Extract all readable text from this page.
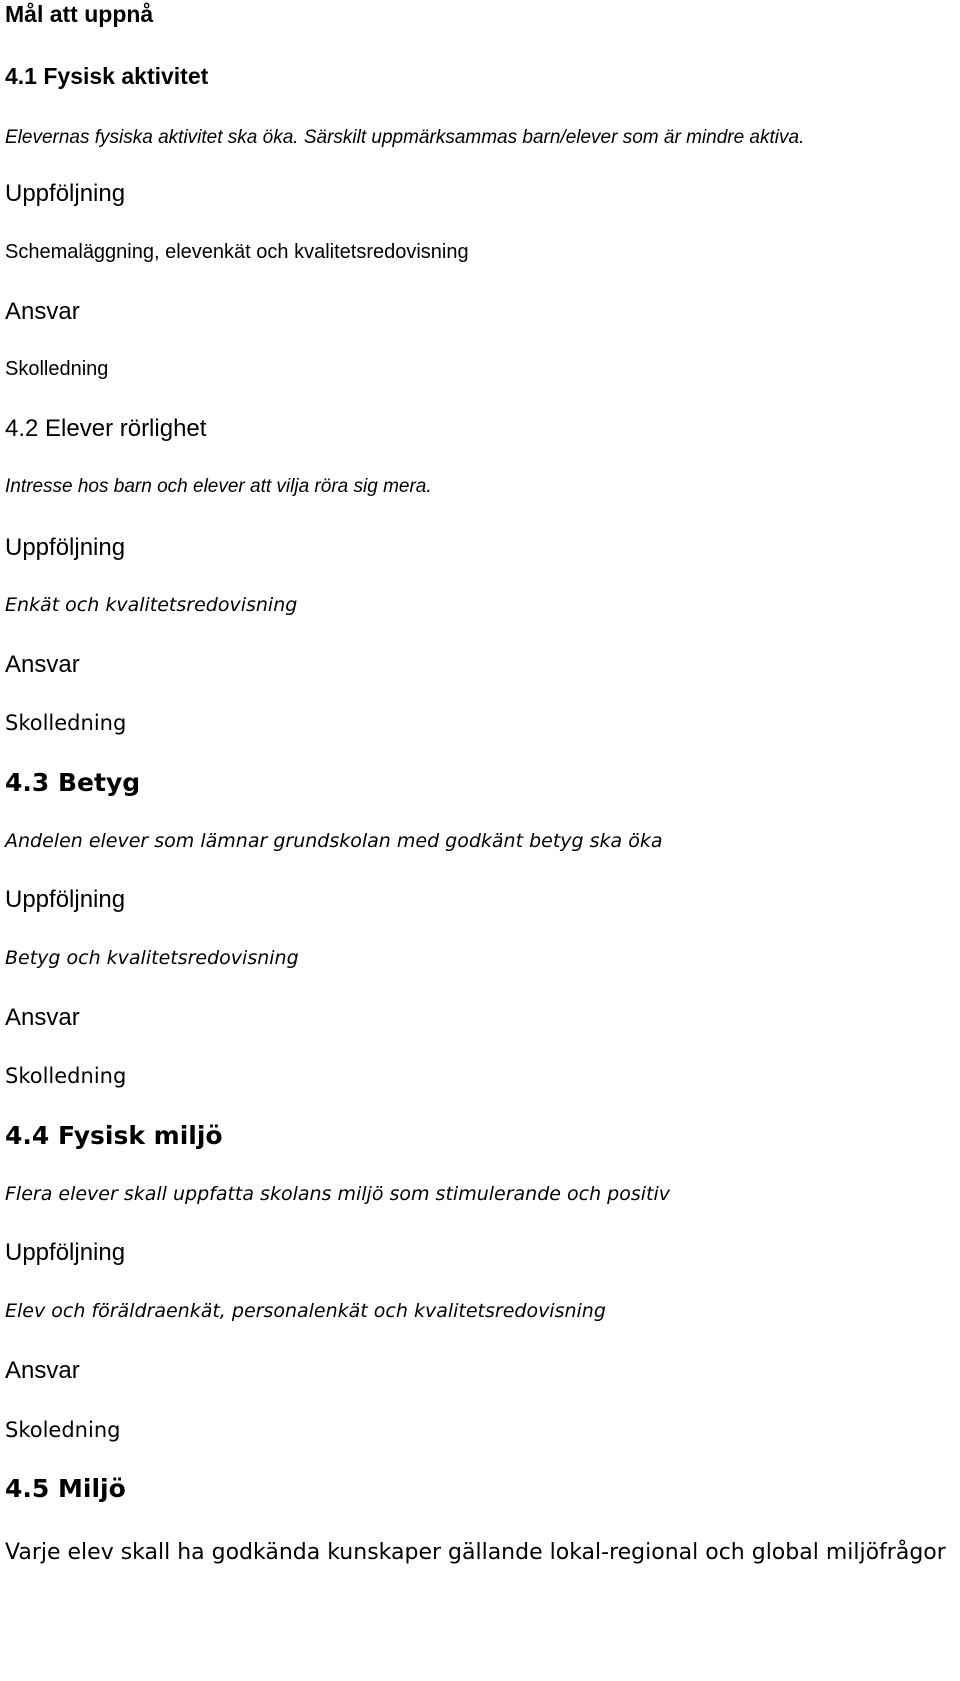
Mål att uppnå
4.1 Fysisk aktivitet
Elevernas fysiska aktivitet ska öka. Särskilt uppmärksammas barn/elever som är mindre aktiva.
Uppföljning
Schemaläggning, elevenkät och kvalitetsredovisning
Ansvar
Skolledning
4.2 Elever rörlighet
Intresse hos barn och elever att vilja röra sig mera.
Uppföljning
Enkät och kvalitetsredovisning
Ansvar
Skolledning
4.3 Betyg
Andelen elever som lämnar grundskolan med godkänt betyg ska öka
Uppföljning
Betyg och kvalitetsredovisning
Ansvar
Skolledning
4.4 Fysisk miljö
Flera elever skall uppfatta skolans miljö som stimulerande och positiv
Uppföljning
Elev och föräldraenkät, personalenkät och kvalitetsredovisning
Ansvar
Skoledning
4.5 Miljö
Varje elev skall ha godkända kunskaper gällande lokal-regional och global miljöfrågor
